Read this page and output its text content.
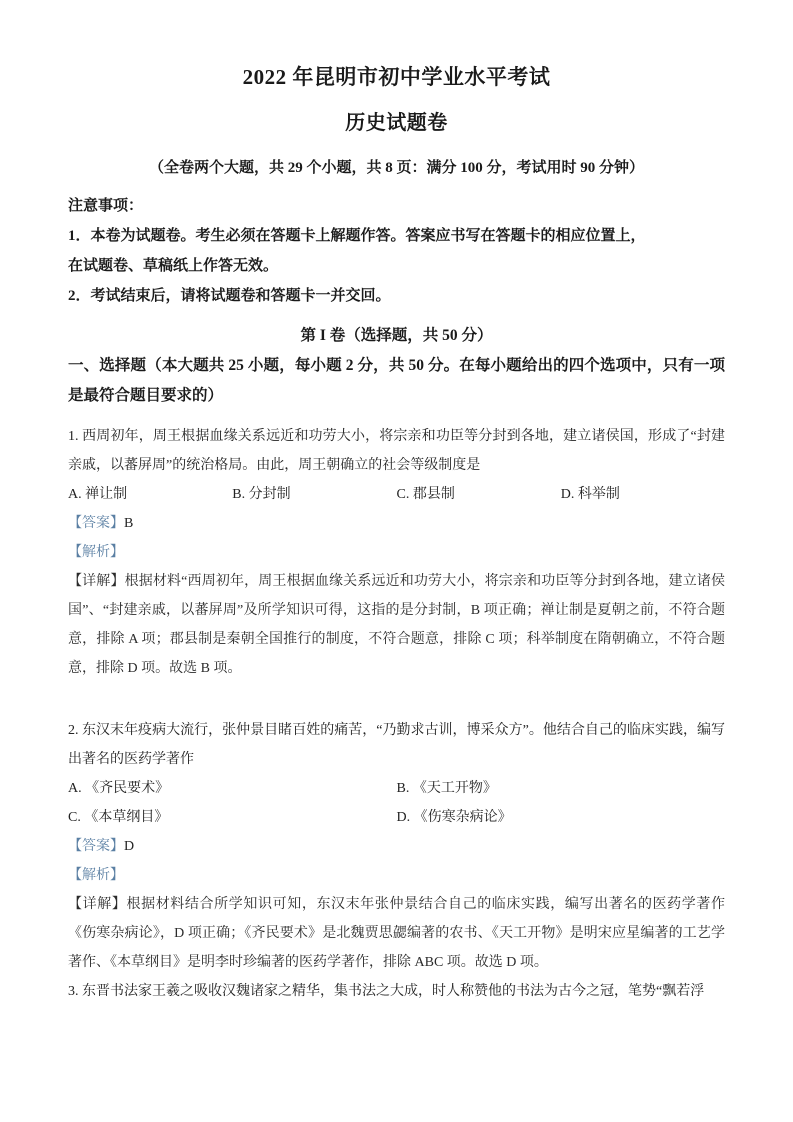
2022 年昆明市初中学业水平考试
历史试题卷

（全卷两个大题，共 29 个小题，共 8 页：满分 100 分，考试用时 90 分钟）

注意事项：

1．本卷为试题卷。考生必须在答题卡上解题作答。答案应书写在答题卡的相应位置上，

在试题卷、草稿纸上作答无效。

2．考试结束后，请将试题卷和答题卡一并交回。

第 I 卷（选择题，共 50 分）

一、选择题（本大题共 25 小题，每小题 2 分，共 50 分。在每小题给出的四个选项中，只有一项是最符合题目要求的）

1. 西周初年，周王根据血缘关系远近和功劳大小，将宗亲和功臣等分封到各地，建立诸侯国，形成了“封建亲戚，以蕃屏周”的统治格局。由此，周王朝确立的社会等级制度是

A. 禅让制	B. 分封制	C. 郡县制	D. 科举制

【答案】B

【解析】

【详解】根据材料“西周初年，周王根据血缘关系远近和功劳大小，将宗亲和功臣等分封到各地，建立诸侯国”、“封建亲戚，以蕃屏周”及所学知识可得，这指的是分封制，B 项正确；禅让制是夏朝之前，不符合题意，排除 A 项；郡县制是秦朝全国推行的制度，不符合题意，排除 C 项；科举制度在隋朝确立，不符合题意，排除 D 项。故选 B 项。

2. 东汉末年疫病大流行，张仲景目睹百姓的痛苦，“乃勤求古训，博采众方”。他结合自己的临床实践，编写出著名的医药学著作

A. 《齐民要术》	B. 《天工开物》
C. 《本草纲目》	D. 《伤寒杂病论》

【答案】D

【解析】

【详解】根据材料结合所学知识可知，东汉末年张仲景结合自己的临床实践，编写出著名的医药学著作《伤寒杂病论》，D 项正确；《齐民要术》是北魏贾思勰编著的农书、《天工开物》是明宋应星编著的工艺学著作、《本草纲目》是明李时珍编著的医药学著作，排除 ABC 项。故选 D 项。

3. 东晋书法家王羲之吸收汉魏诸家之精华，集书法之大成，时人称赞他的书法为古今之冠，笔势“飘若浮
